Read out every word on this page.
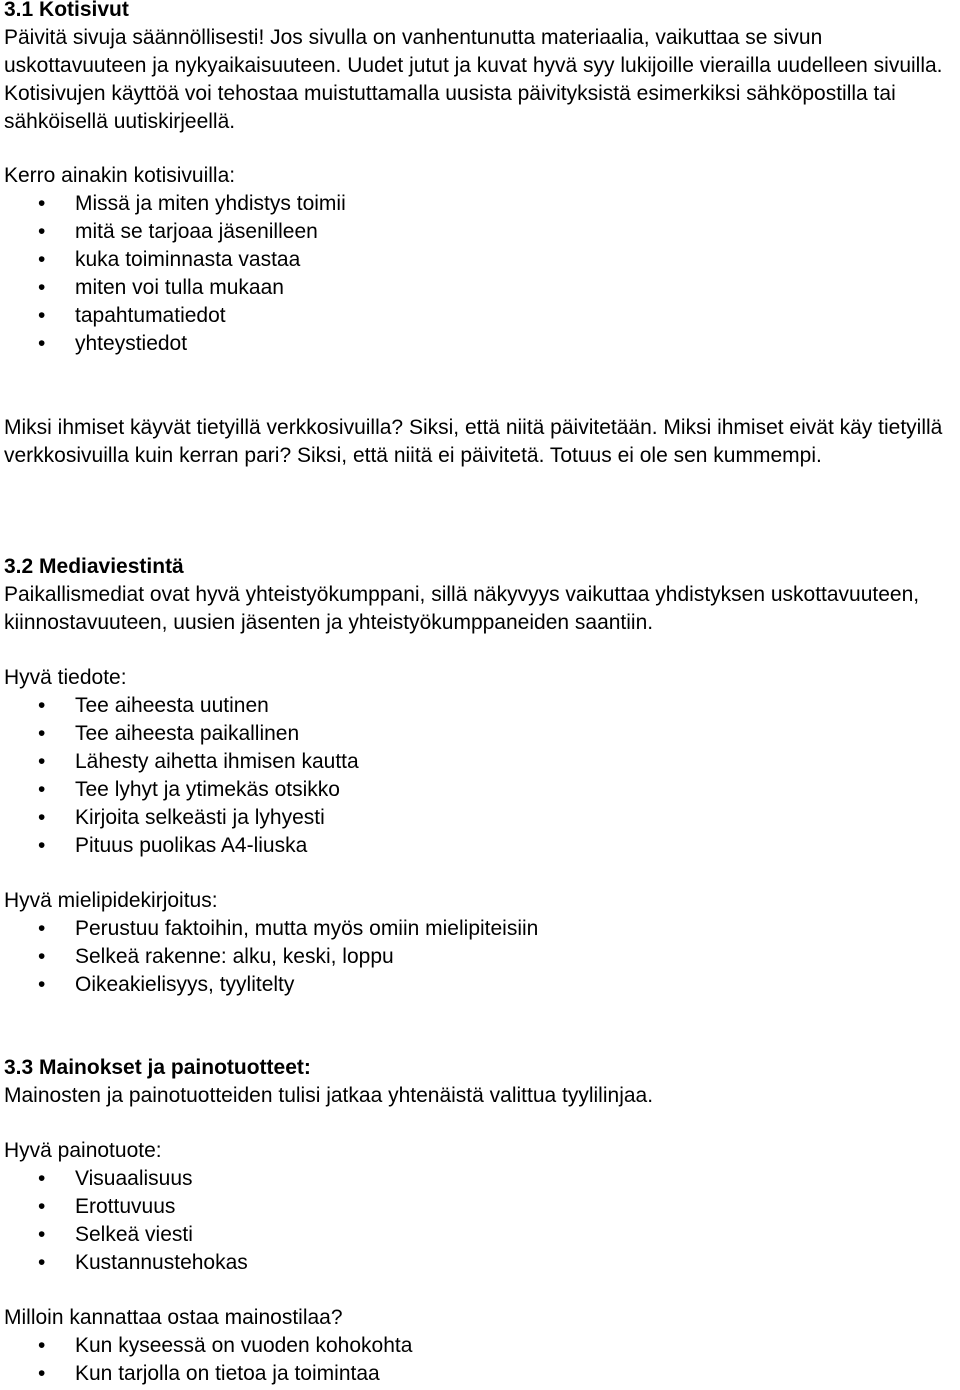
3.1 Kotisivut

Päivitä sivuja säännöllisesti! Jos sivulla on vanhentunutta materiaalia, vaikuttaa se sivun uskottavuuteen ja nykyaikaisuuteen. Uudet jutut ja kuvat hyvä syy lukijoille vierailla uudelleen sivuilla. Kotisivujen käyttöä voi tehostaa muistuttamalla uusista päivityksistä esimerkiksi sähköpostilla tai sähköisellä uutiskirjeellä.

Kerro ainakin kotisivuilla:

• Missä ja miten yhdistys toimii
• mitä se tarjoaa jäsenilleen
• kuka toiminnasta vastaa
• miten voi tulla mukaan
• tapahtumatiedot
• yhteystiedot

Miksi ihmiset käyvät tietyillä verkkosivuilla? Siksi, että niitä päivitetään. Miksi ihmiset eivät käy tietyillä verkkosivuilla kuin kerran pari? Siksi, että niitä ei päivitetä. Totuus ei ole sen kummempi.

3.2 Mediaviestintä

Paikallismediat ovat hyvä yhteistyökumppani, sillä näkyvyys vaikuttaa yhdistyksen uskottavuuteen, kiinnostavuuteen, uusien jäsenten ja yhteistyökumppaneiden saantiin.

Hyvä tiedote:

• Tee aiheesta uutinen
• Tee aiheesta paikallinen
• Lähesty aihetta ihmisen kautta
• Tee lyhyt ja ytimekäs otsikko
• Kirjoita selkeästi ja lyhyesti
• Pituus puolikas A4-liuska

Hyvä mielipidekirjoitus:

• Perustuu faktoihin, mutta myös omiin mielipiteisiin
• Selkeä rakenne: alku, keski, loppu
• Oikeakielisyys, tyylitelty
3.3 Mainokset ja painotuotteet:

Mainosten ja painotuotteiden tulisi jatkaa yhtenäistä valittua tyylilinjaa.

Hyvä painotuote:

• Visuaalisuus
• Erottuvuus
• Selkeä viesti
• Kustannustehokas

Milloin kannattaa ostaa mainostilaa?

• Kun kyseessä on vuoden kohokohta
• Kun tarjolla on tietoa ja toimintaa
